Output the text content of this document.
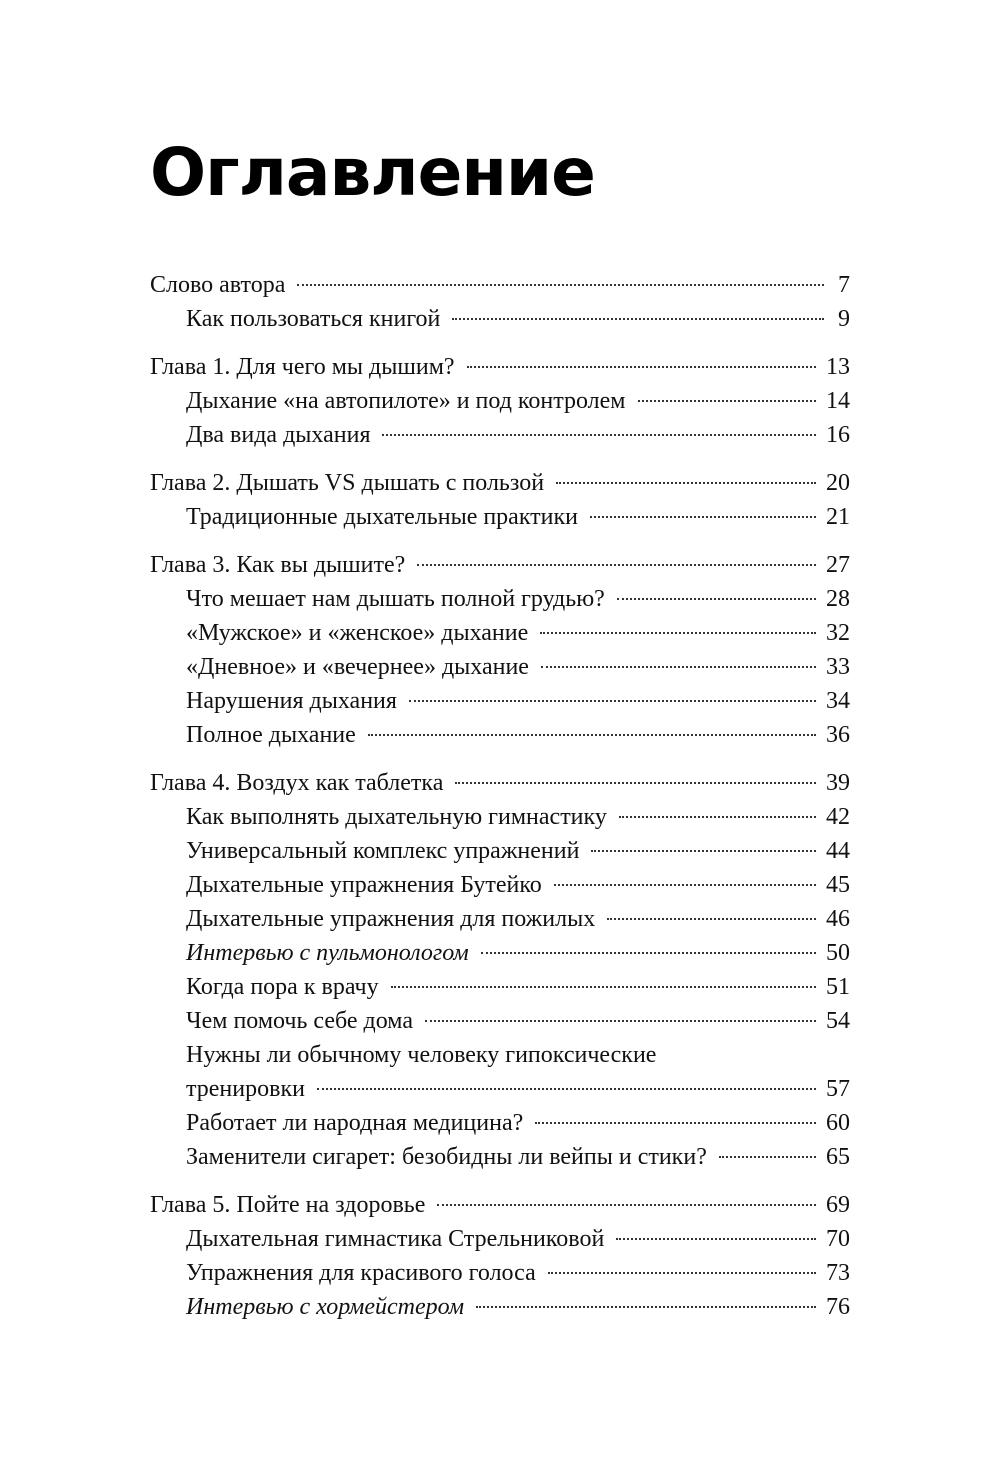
Оглавление
Слово автора	7
Как пользоваться книгой	9
Глава 1. Для чего мы дышим?	13
Дыхание «на автопилоте» и под контролем	14
Два вида дыхания	16
Глава 2. Дышать VS дышать с пользой	20
Традиционные дыхательные практики	21
Глава 3. Как вы дышите?	27
Что мешает нам дышать полной грудью?	28
«Мужское» и «женское» дыхание	32
«Дневное» и «вечернее» дыхание	33
Нарушения дыхания	34
Полное дыхание	36
Глава 4. Воздух как таблетка	39
Как выполнять дыхательную гимнастику	42
Универсальный комплекс упражнений	44
Дыхательные упражнения Бутейко	45
Дыхательные упражнения для пожилых	46
Интервью с пульмонологом	50
Когда пора к врачу	51
Чем помочь себе дома	54
Нужны ли обычному человеку гипоксические
тренировки	57
Работает ли народная медицина?	60
Заменители сигарет: безобидны ли вейпы и стики?	65
Глава 5. Пойте на здоровье	69
Дыхательная гимнастика Стрельниковой	70
Упражнения для красивого голоса	73
Интервью с хормейстером	76
